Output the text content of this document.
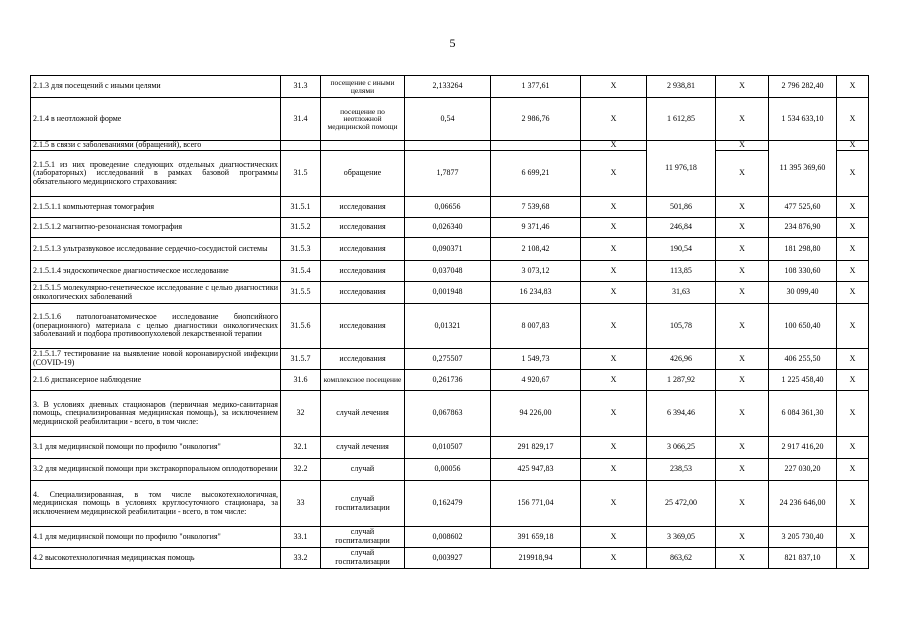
5
2.1.3 для посещений с иными целями	31.3	посещение с иными целями	2,133264	1 377,61	X	2 938,81	X	2 796 282,40	X
2.1.4 в неотложной форме	31.4	посещение по неотложной медицинской помощи	0,54	2 986,76	X	1 612,85	X	1 534 633,10	X
2.1.5 в связи с заболеваниями (обращений), всего					X	11 976,18	X	11 395 369,60	X
2.1.5.1 из них проведение следующих отдельных диагностических (лабораторных) исследований в рамках базовой программы обязательного медицинского страхования:	31.5	обращение	1,7877	6 699,21	X		X		X
2.1.5.1.1 компьютерная томография	31.5.1	исследования	0,06656	7 539,68	X	501,86	X	477 525,60	X
2.1.5.1.2 магнитно-резонансная томография	31.5.2	исследования	0,026340	9 371,46	X	246,84	X	234 876,90	X
2.1.5.1.3 ультразвуковое исследование сердечно-сосудистой системы	31.5.3	исследования	0,090371	2 108,42	X	190,54	X	181 298,80	X
2.1.5.1.4 эндоскопическое диагностическое исследование	31.5.4	исследования	0,037048	3 073,12	X	113,85	X	108 330,60	X
2.1.5.1.5 молекулярно-генетическое исследование с целью диагностики онкологических заболеваний	31.5.5	исследования	0,001948	16 234,83	X	31,63	X	30 099,40	X
2.1.5.1.6 патологоанатомическое исследование биопсийного (операционного) материала с целью диагностики онкологических заболеваний и подбора противоопухолевой лекарственной терапии	31.5.6	исследования	0,01321	8 007,83	X	105,78	X	100 650,40	X
2.1.5.1.7 тестирование на выявление новой коронавирусной инфекции (COVID-19)	31.5.7	исследования	0,275507	1 549,73	X	426,96	X	406 255,50	X
2.1.6 диспансерное наблюдение	31.6	комплексное посещение	0,261736	4 920,67	X	1 287,92	X	1 225 458,40	X
3. В условиях дневных стационаров (первичная медико-санитарная помощь, специализированная медицинская помощь), за исключением медицинской реабилитации - всего, в том числе:	32	случай лечения	0,067863	94 226,00	X	6 394,46	X	6 084 361,30	X
3.1 для медицинской помощи по профилю "онкология"	32.1	случай лечения	0,010507	291 829,17	X	3 066,25	X	2 917 416,20	X
3.2 для медицинской помощи при экстракорпоральном оплодотворении	32.2	случай	0,00056	425 947,83	X	238,53	X	227 030,20	X
4. Специализированная, в том числе высокотехнологичная, медицинская помощь в условиях круглосуточного стационара, за исключением медицинской реабилитации - всего, в том числе:	33	случай госпитализации	0,162479	156 771,04	X	25 472,00	X	24 236 646,00	X
4.1 для медицинской помощи по профилю "онкология"	33.1	случай госпитализации	0,008602	391 659,18	X	3 369,05	X	3 205 730,40	X
4.2 высокотехнологичная медицинская помощь	33.2	случай госпитализации	0,003927	219918,94	X	863,62	X	821 837,10	X
